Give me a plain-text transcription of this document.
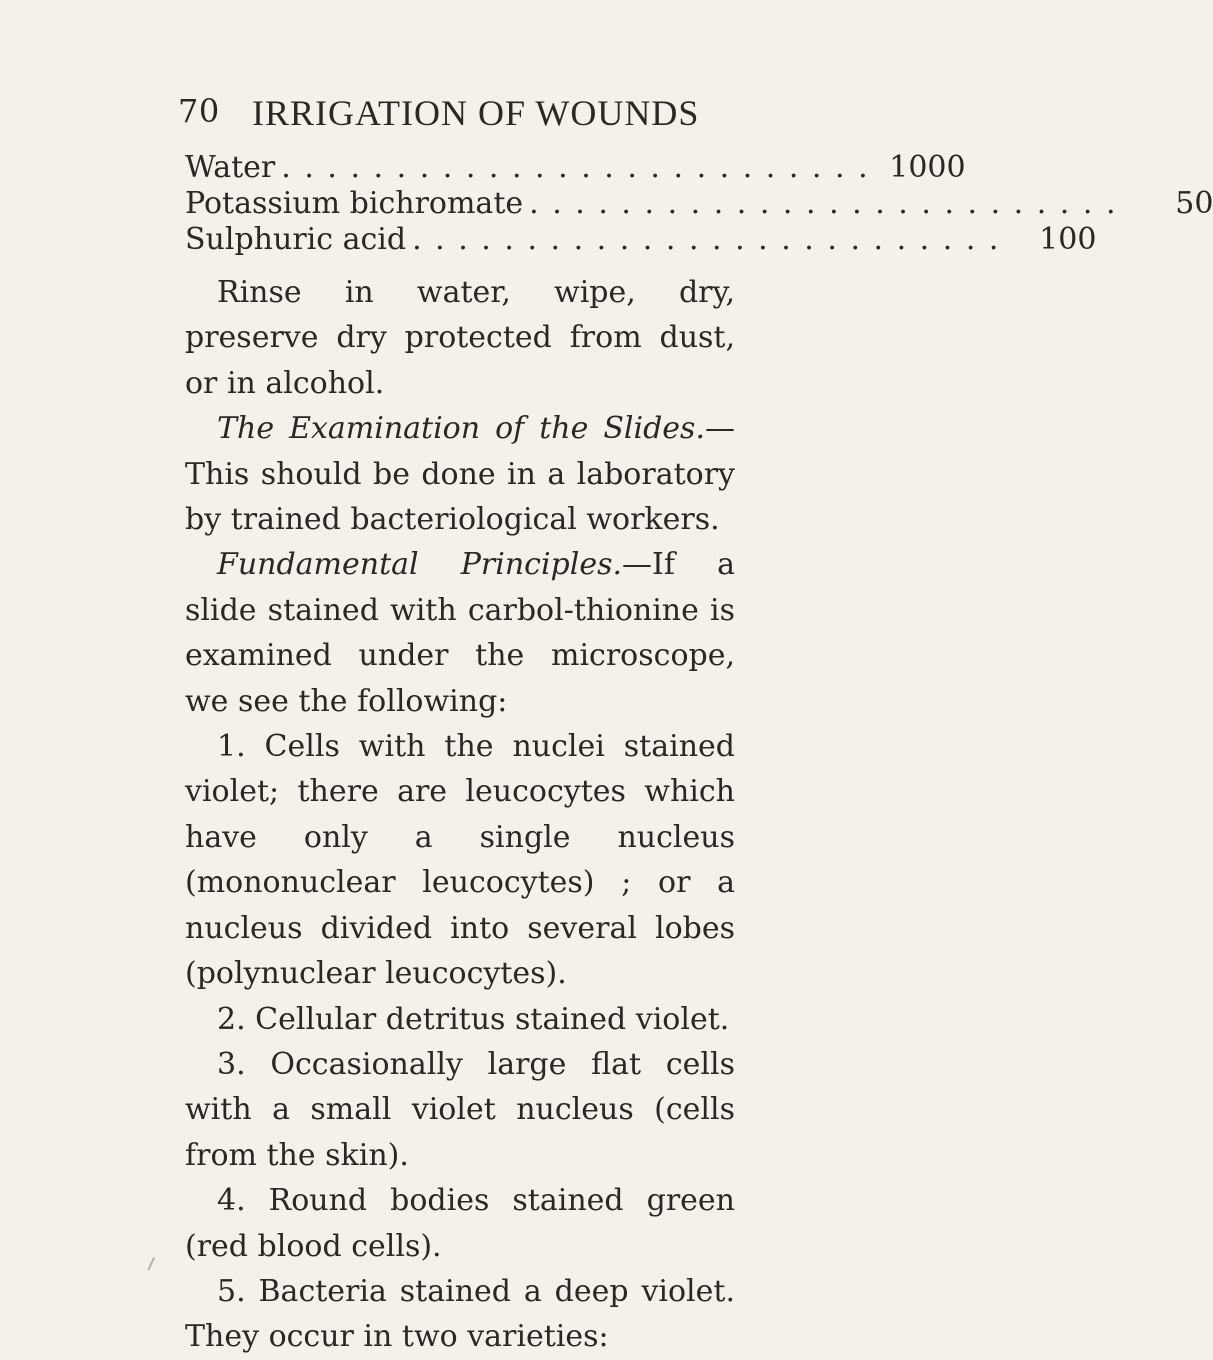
70 IRRIGATION OF WOUNDS
Water . . . . . . . . . . . . . . . . . . . . . . . . . . 1000
Potassium bichromate . . . . . . . . . . . . . . . . . . . . . . . . . .	50
Sulphuric acid . . . . . . . . . . . . . . . . . . . . . . . . . .	100

Rinse in water, wipe, dry, preserve dry protected from dust, or in alcohol.

The Examination of the Slides.—This should be done in a laboratory by trained bacteriological workers.

Fundamental Principles.—If a slide stained with carbol-thionine is examined under the microscope, we see the following:

1. Cells with the nuclei stained violet; there are leucocytes which have only a single nucleus (mononuclear leucocytes) ; or a nucleus divided into several lobes (polynuclear leucocytes).

2. Cellular detritus stained violet.

3. Occasionally large flat cells with a small violet nucleus (cells from the skin).

4. Round bodies stained green (red blood cells).

5. Bacteria stained a deep violet. They occur in two varieties:
